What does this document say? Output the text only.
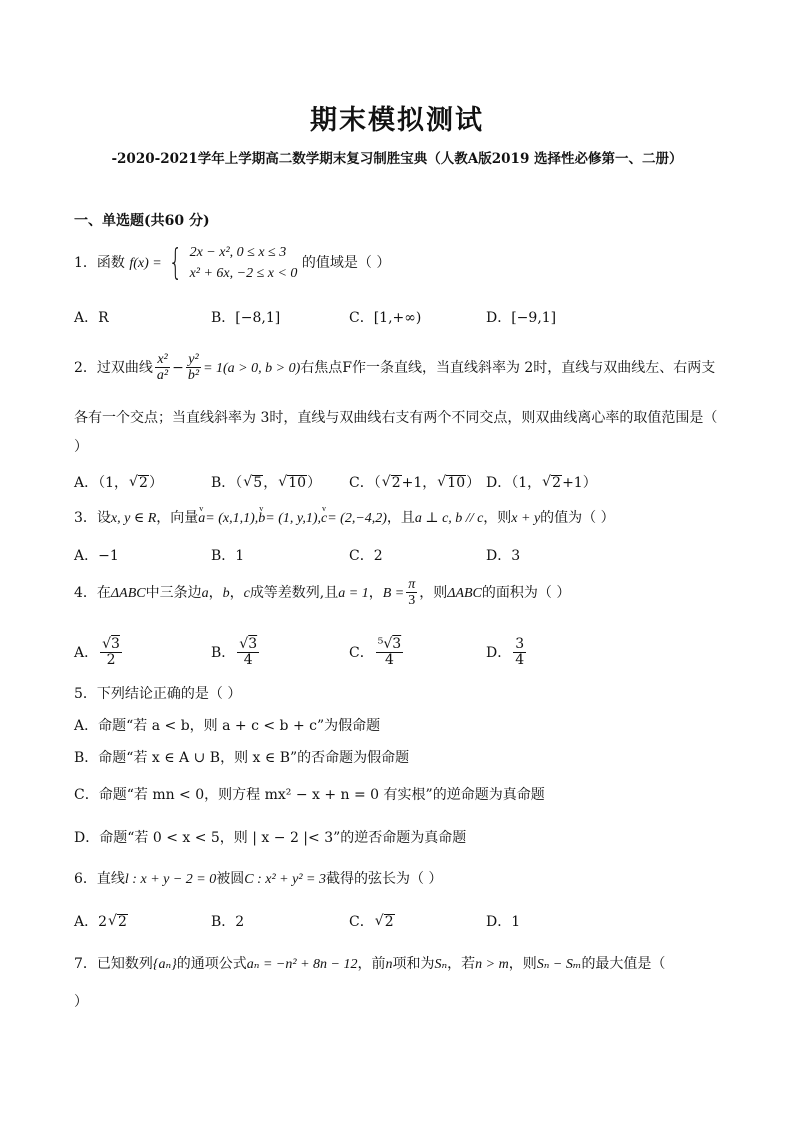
期末模拟测试
-2020-2021学年上学期高二数学期末复习制胜宝典（人教A版2019 选择性必修第一、二册）
一、单选题(共60 分)
1．函数 f(x) = { 2x − x², 0 ≤ x ≤ 3
x² + 6x, −2 ≤ x < 0
的值域是（ ）
A．R	B．[−8,1]	C．[1,+∞)	D．[−9,1]
2．过双曲线 $\frac{\text{x²}}{\text{a²}} - \frac{\text{y²}}{\text{b²}} = 1(a > 0$, b > 0)右焦点F作一条直线，当直线斜率为 2时，直线与双曲线左、右两支
各有一个交点；当直线斜率为 3时，直线与双曲线右支有两个不同交点，则双曲线离心率的取值范围是（
）
A．（1， √ 2）	B．（ √ 5， √ 10） C．（ √ 2+1， √ 10） D．（1， √ 2+1）
3．设x, y ∈ R，向量v a= (x,1,1),v b= (1, y,1),v c= (2,−4,2)，且a ⊥ c, b // c，则x + y的值为（ ）
A．−1	B．1	C．2	D．3
4．在ΔABC中三条边a，b，c成等差数列,且a = 1，$B = \frac{\pi}{3}$ ，则ΔABC的面积为（ ）
A． $\frac{√3}{2}$	B． $\frac{√3}{4}$	C． $\frac{\text{⁵√3}}{4}$	D． $\frac{3}{4}$
5．下列结论正确的是（ ）
A．命题“若 a < b，则 a + c < b + c”为假命题
B．命题“若 x ∈ A ∪ B，则 x ∈ B”的否命题为假命题
C．命题“若 mn < 0，则方程 mx² − x + n = 0 有实根”的逆命题为真命题
D．命题“若 0 < x < 5，则 | x − 2 |< 3”的逆否命题为真命题
6．直线l : x + y − 2 = 0被圆C : x² + y² = 3截得的弦长为（ ）
A．2 √ 2	B．2	C． √ 2	D．1
7．已知数列{aₙ}的通项公式aₙ = −n² + 8n − 12，前n项和为Sₙ，若n > m，则Sₙ − Sₘ的最大值是（
）
